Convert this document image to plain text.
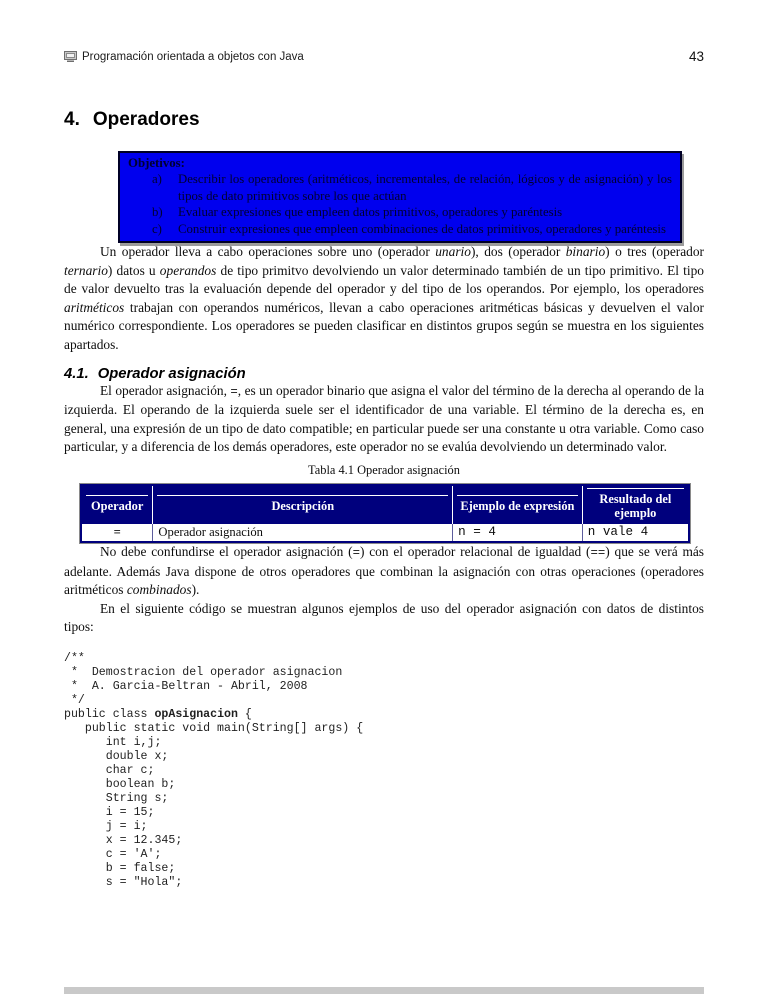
Programación orientada a objetos con Java	43
4. Operadores
Objetivos:
a)	Describir los operadores (aritméticos, incrementales, de relación, lógicos y de asignación) y los tipos de dato primitivos sobre los que actúan
b)	Evaluar expresiones que empleen datos primitivos, operadores y paréntesis
c)	Construir expresiones que empleen combinaciones de datos primitivos, operadores y paréntesis

Un operador lleva a cabo operaciones sobre uno (operador unario), dos (operador binario) o tres (operador ternario) datos u operandos de tipo primitvo devolviendo un valor determinado también de un tipo primitivo. El tipo de valor devuelto tras la evaluación depende del operador y del tipo de los operandos. Por ejemplo, los operadores aritméticos trabajan con operandos numéricos, llevan a cabo operaciones aritméticas básicas y devuelven el valor numérico correspondiente. Los operadores se pueden clasificar en distintos grupos según se muestra en los siguientes apartados.

4.1. Operador asignación

El operador asignación, =, es un operador binario que asigna el valor del término de la derecha al operando de la izquierda. El operando de la izquierda suele ser el identificador de una variable. El término de la derecha es, en general, una expresión de un tipo de dato compatible; en particular puede ser una constante u otra variable. Como caso particular, y a diferencia de los demás operadores, este operador no se evalúa devolviendo un determinado valor.

Tabla 4.1 Operador asignación
Operador	Descripción	Ejemplo de expresión	Resultado del ejemplo

=	Operador asignación	n = 4	n vale 4

No debe confundirse el operador asignación (=) con el operador relacional de igualdad (==) que se verá más adelante. Además Java dispone de otros operadores que combinan la asignación con otras operaciones (operadores aritméticos combinados).

En el siguiente código se muestran algunos ejemplos de uso del operador asignación con datos de distintos tipos:

/**
*  Demostracion del operador asignacion
*  A. Garcia-Beltran - Abril, 2008
*/
public class opAsignacion {
public static void main(String[] args) {
int i,j;
double x;
char c;
boolean b;
String s;
i = 15;
j = i;
x = 12.345;
c = 'A';
b = false;
s = "Hola";
